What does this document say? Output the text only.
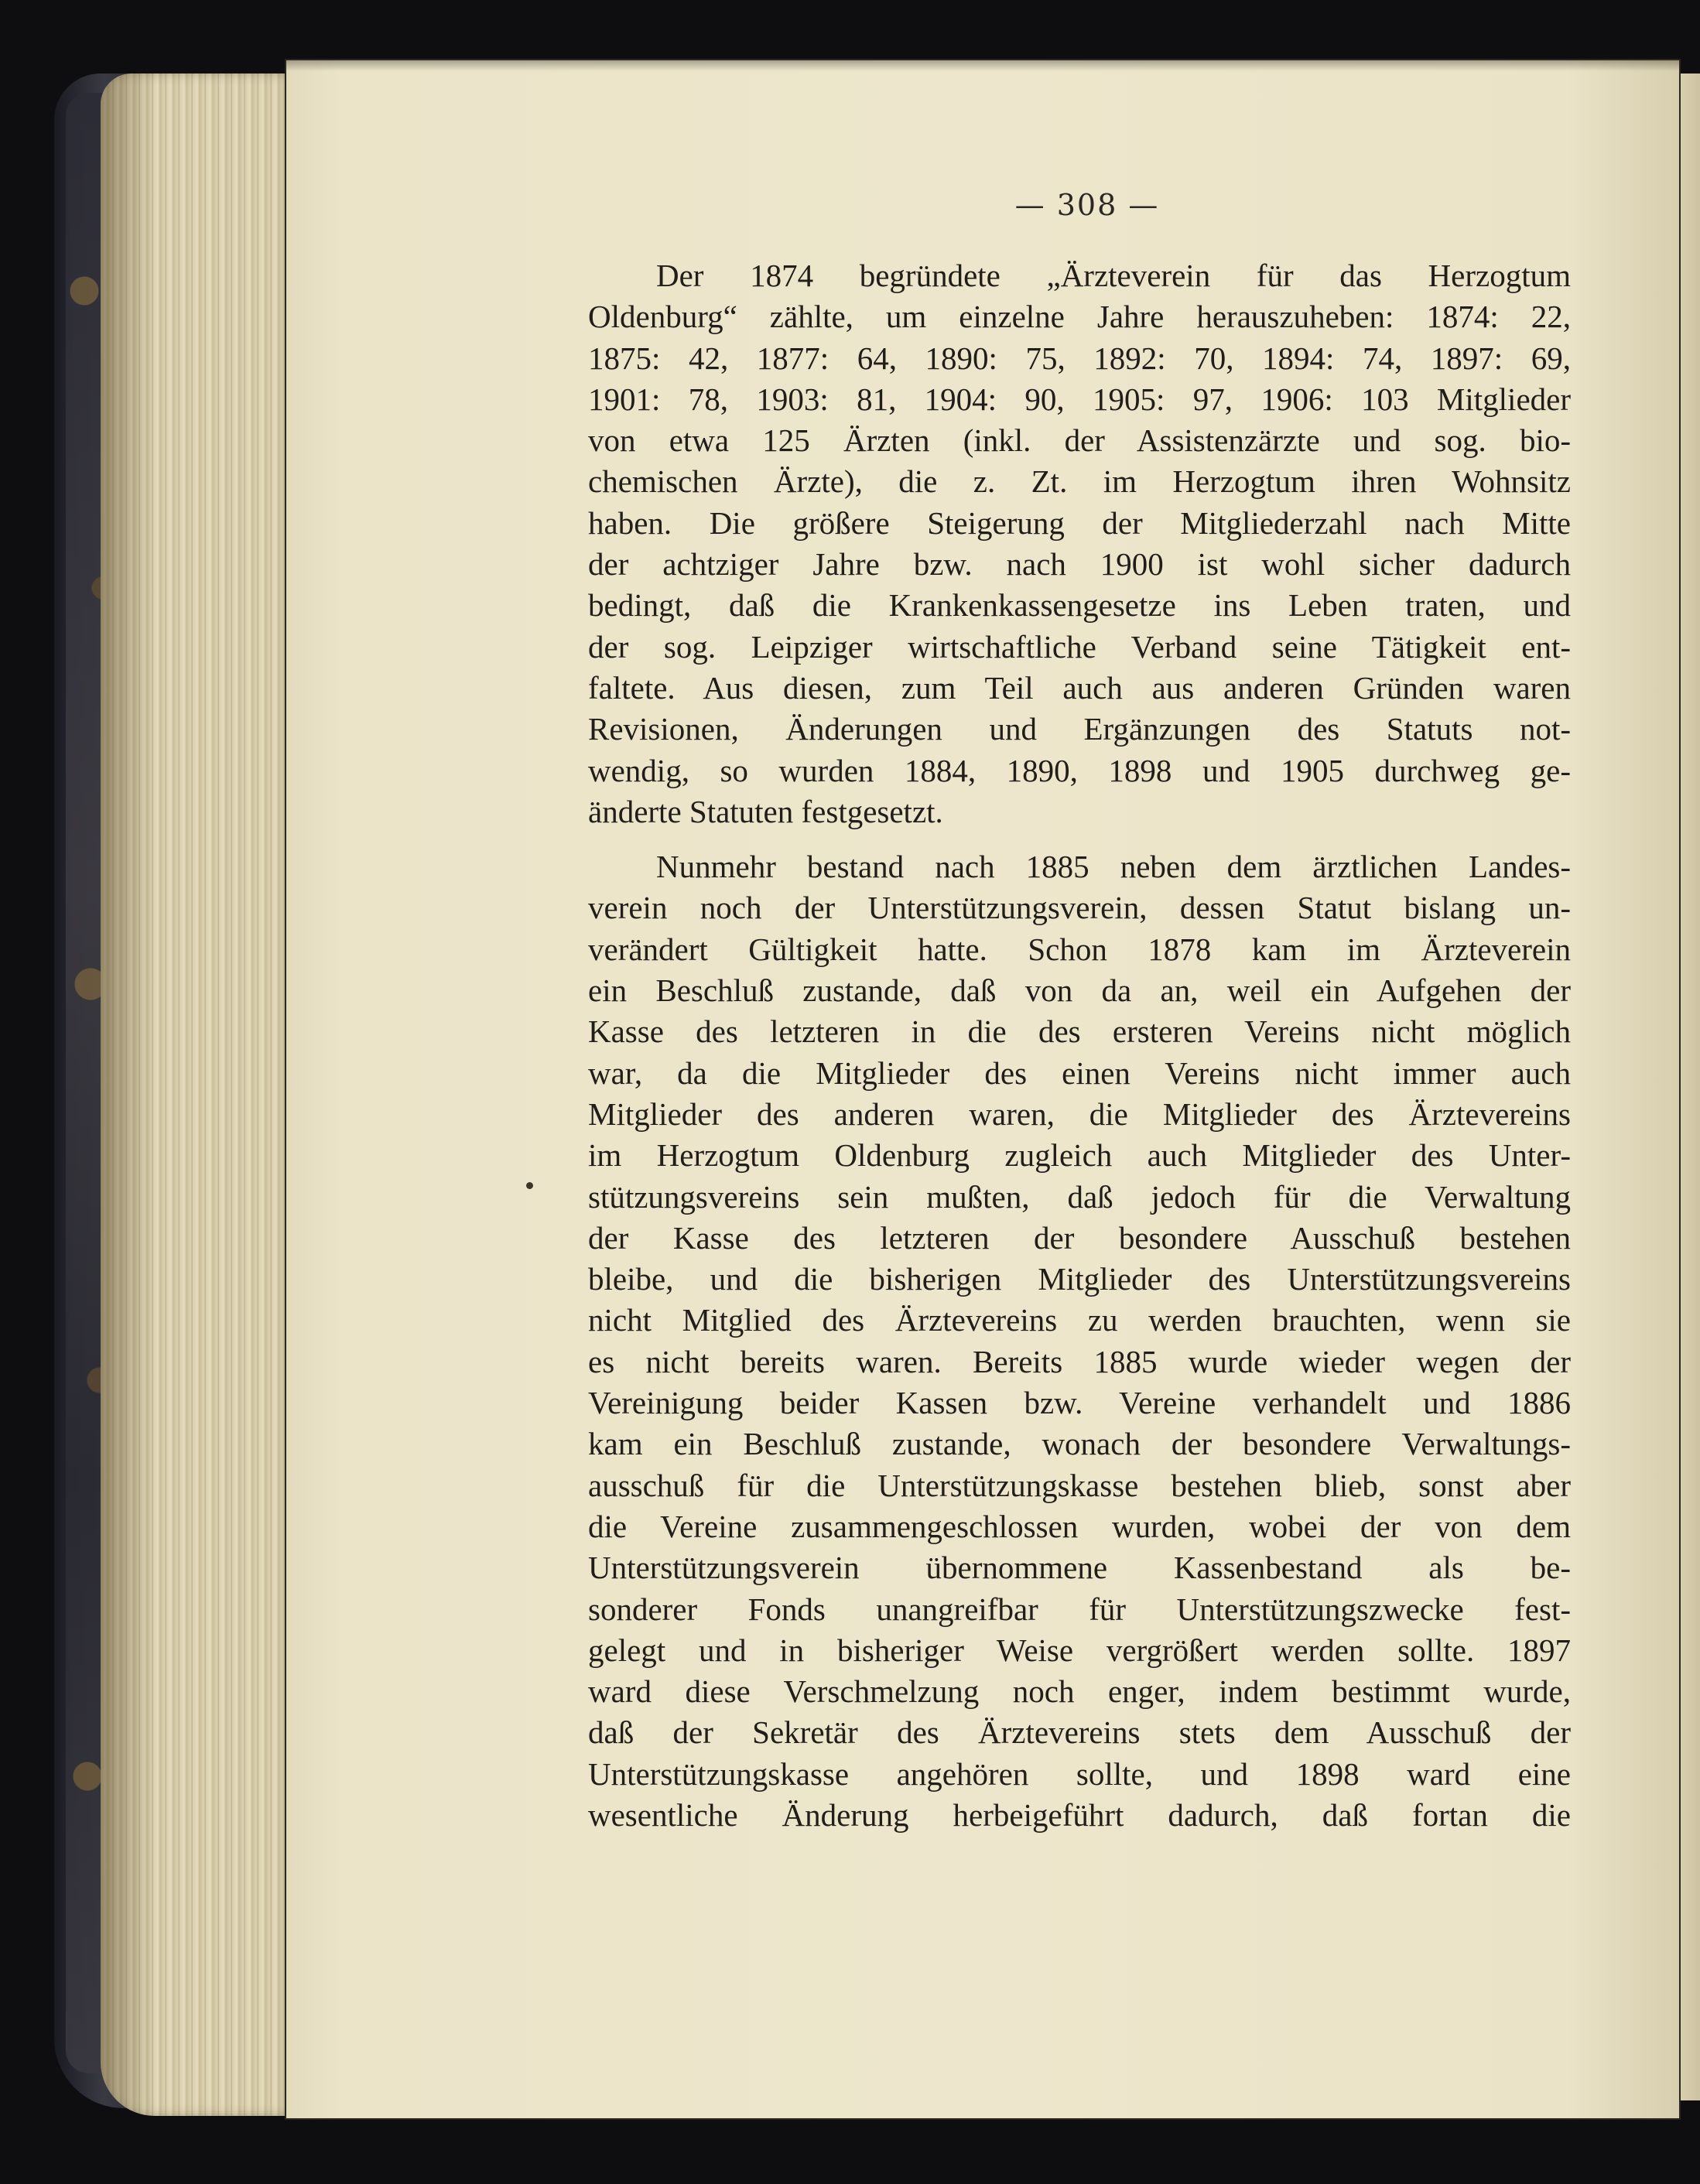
— 308 —
Der 1874 begründete „Ärzteverein für das Herzogtum
Oldenburg“ zählte, um einzelne Jahre herauszuheben: 1874: 22,
1875: 42, 1877: 64, 1890: 75, 1892: 70, 1894: 74, 1897: 69,
1901: 78, 1903: 81, 1904: 90, 1905: 97, 1906: 103 Mitglieder
von etwa 125 Ärzten (inkl. der Assistenzärzte und sog. bio-
chemischen Ärzte), die z. Zt. im Herzogtum ihren Wohnsitz
haben. Die größere Steigerung der Mitgliederzahl nach Mitte
der achtziger Jahre bzw. nach 1900 ist wohl sicher dadurch
bedingt, daß die Krankenkassengesetze ins Leben traten, und
der sog. Leipziger wirtschaftliche Verband seine Tätigkeit ent-
faltete. Aus diesen, zum Teil auch aus anderen Gründen waren
Revisionen, Änderungen und Ergänzungen des Statuts not-
wendig, so wurden 1884, 1890, 1898 und 1905 durchweg ge-
änderte Statuten festgesetzt.
Nunmehr bestand nach 1885 neben dem ärztlichen Landes-
verein noch der Unterstützungsverein, dessen Statut bislang un-
verändert Gültigkeit hatte. Schon 1878 kam im Ärzteverein
ein Beschluß zustande, daß von da an, weil ein Aufgehen der
Kasse des letzteren in die des ersteren Vereins nicht möglich
war, da die Mitglieder des einen Vereins nicht immer auch
Mitglieder des anderen waren, die Mitglieder des Ärztevereins
im Herzogtum Oldenburg zugleich auch Mitglieder des Unter-
stützungsvereins sein mußten, daß jedoch für die Verwaltung
der Kasse des letzteren der besondere Ausschuß bestehen
bleibe, und die bisherigen Mitglieder des Unterstützungsvereins
nicht Mitglied des Ärztevereins zu werden brauchten, wenn sie
es nicht bereits waren. Bereits 1885 wurde wieder wegen der
Vereinigung beider Kassen bzw. Vereine verhandelt und 1886
kam ein Beschluß zustande, wonach der besondere Verwaltungs-
ausschuß für die Unterstützungskasse bestehen blieb, sonst aber
die Vereine zusammengeschlossen wurden, wobei der von dem
Unterstützungsverein übernommene Kassenbestand als be-
sonderer Fonds unangreifbar für Unterstützungszwecke fest-
gelegt und in bisheriger Weise vergrößert werden sollte. 1897
ward diese Verschmelzung noch enger, indem bestimmt wurde,
daß der Sekretär des Ärztevereins stets dem Ausschuß der
Unterstützungskasse angehören sollte, und 1898 ward eine
wesentliche Änderung herbeigeführt dadurch, daß fortan die
